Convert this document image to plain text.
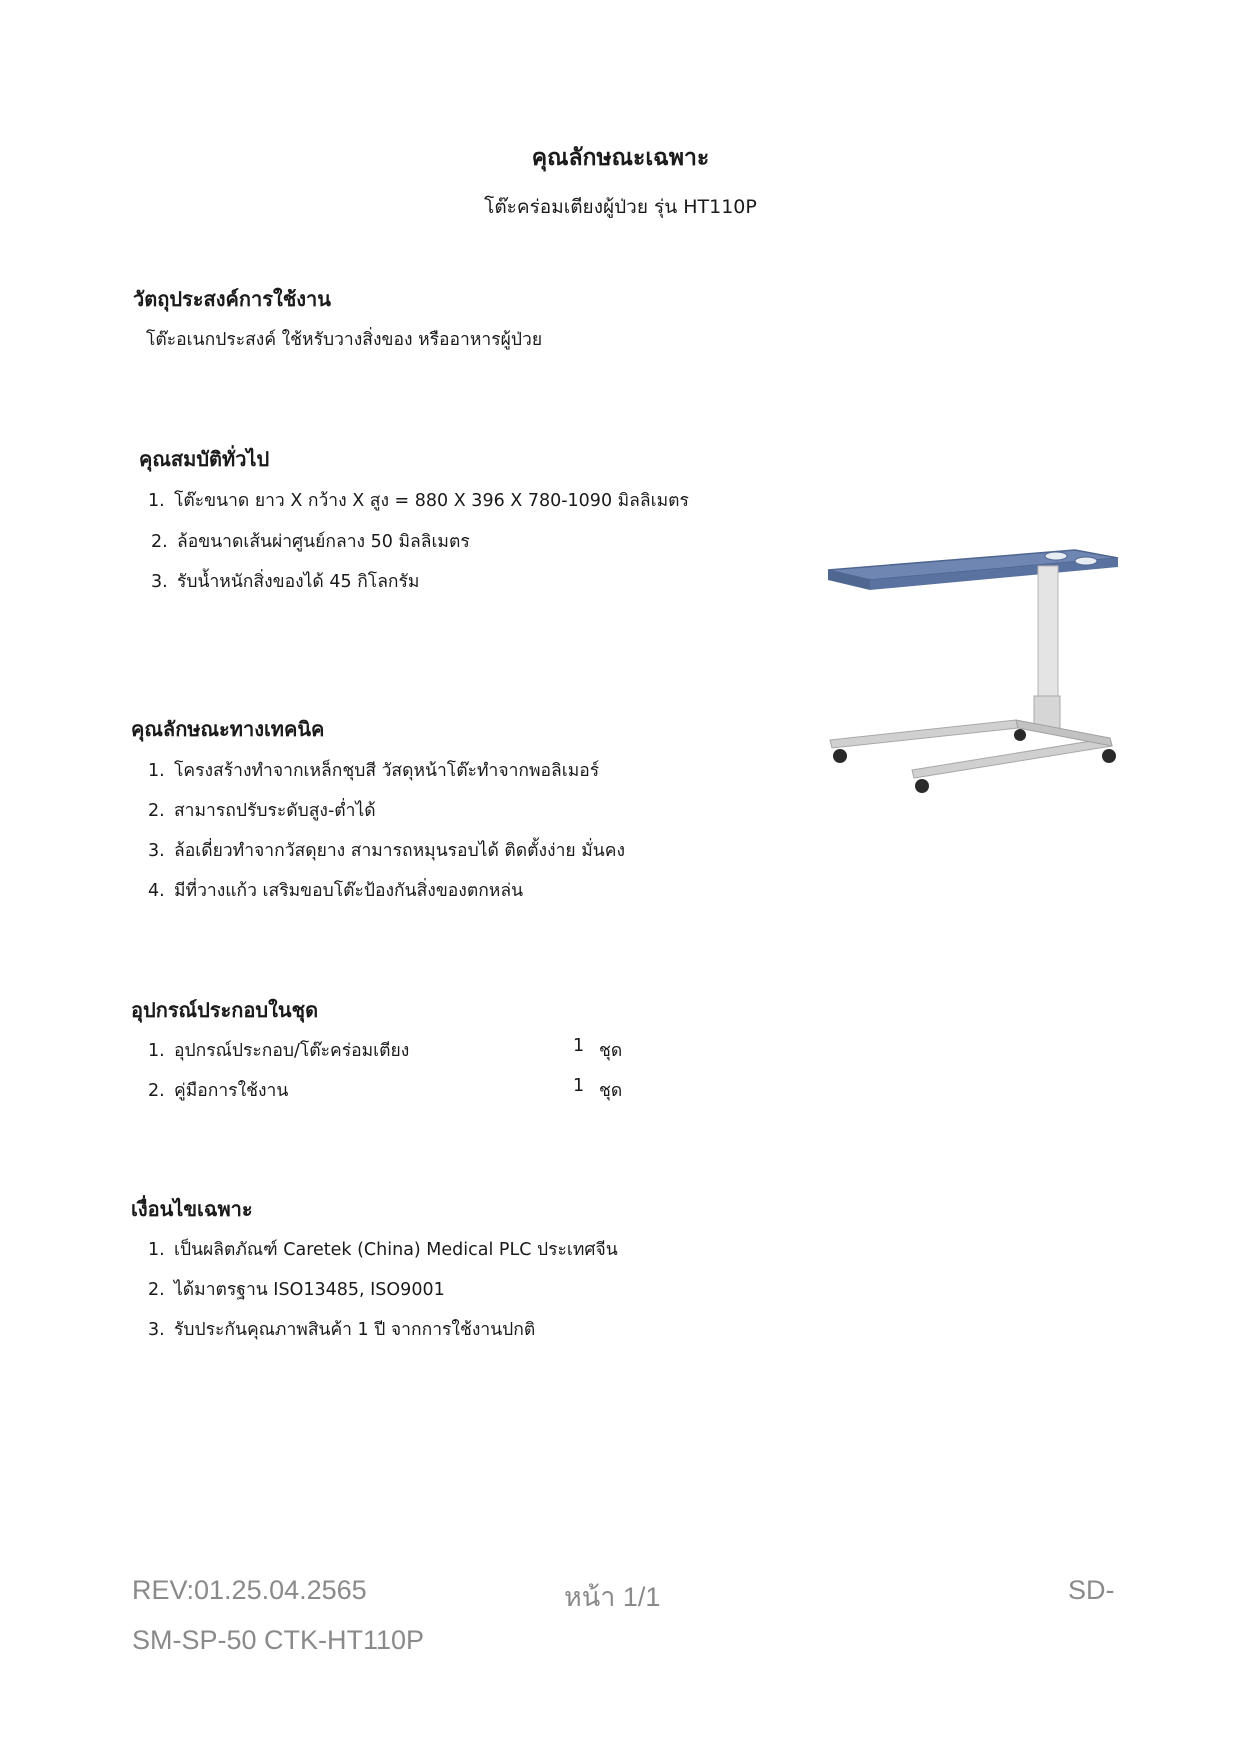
คุณลักษณะเฉพาะ
โต๊ะคร่อมเตียงผู้ป่วย รุ่น HT110P
วัตถุประสงค์การใช้งาน
โต๊ะอเนกประสงค์ ใช้หรับวางสิ่งของ หรืออาหารผู้ป่วย
คุณสมบัติทั่วไป
1. โต๊ะขนาด ยาว X กว้าง X สูง = 880 X 396 X 780-1090 มิลลิเมตร
2. ล้อขนาดเส้นผ่าศูนย์กลาง 50 มิลลิเมตร
3. รับน้ำหนักสิ่งของได้ 45 กิโลกรัม
คุณลักษณะทางเทคนิค
1. โครงสร้างทำจากเหล็กชุบสี วัสดุหน้าโต๊ะทำจากพอลิเมอร์
2. สามารถปรับระดับสูง-ต่ำได้
3. ล้อเดี่ยวทำจากวัสดุยาง สามารถหมุนรอบได้ ติดตั้งง่าย มั่นคง
4. มีที่วางแก้ว เสริมขอบโต๊ะป้องกันสิ่งของตกหล่น
อุปกรณ์ประกอบในชุด
1. อุปกรณ์ประกอบ/โต๊ะคร่อมเตียง	1 ชุด
2. คู่มือการใช้งาน	1 ชุด
เงื่อนไขเฉพาะ
1. เป็นผลิตภัณฑ์ Caretek (China) Medical PLC ประเทศจีน
2. ได้มาตรฐาน ISO13485, ISO9001
3. รับประกันคุณภาพสินค้า 1 ปี จากการใช้งานปกติ
REV:01.25.04.2565	หน้า 1/1	SD-
SM-SP-50 CTK-HT110P
